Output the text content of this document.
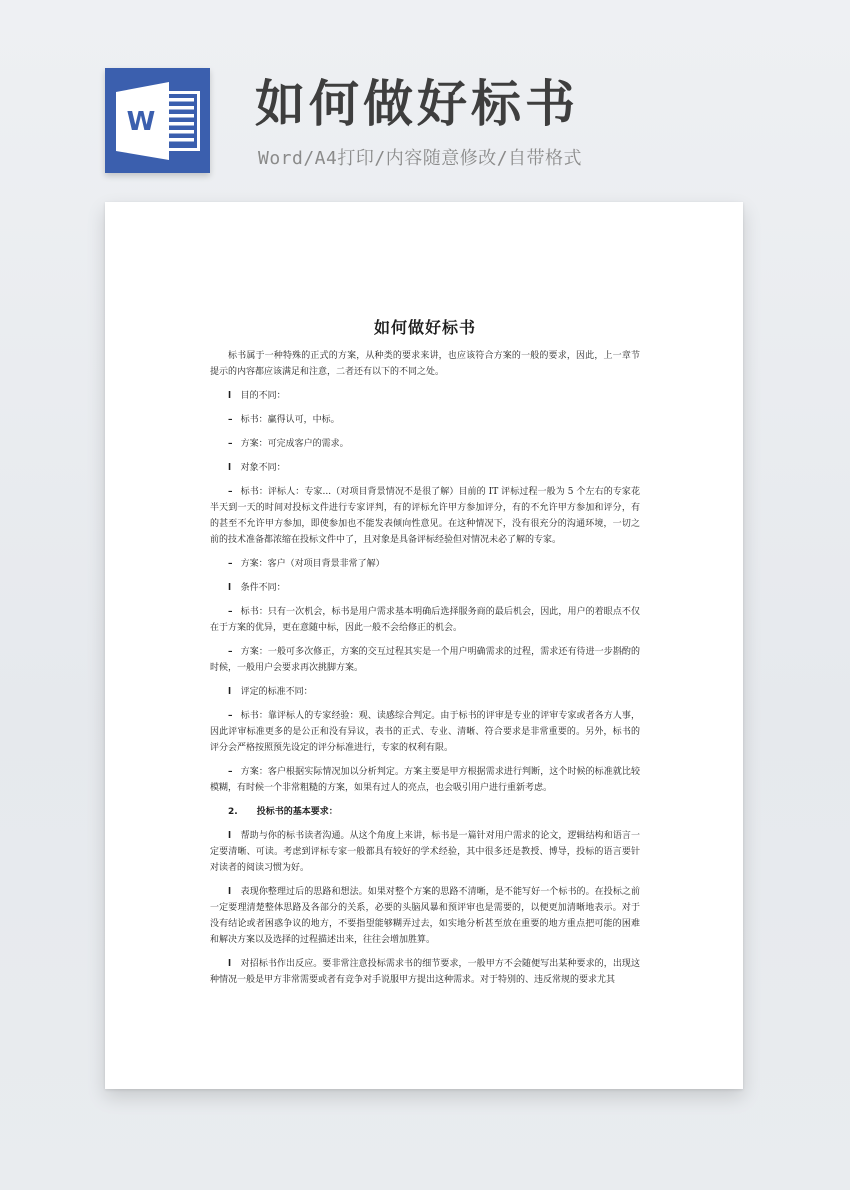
W 如何做好标书
Word/A4打印/内容随意修改/自带格式
如何做好标书

标书属于一种特殊的正式的方案，从种类的要求来讲，也应该符合方案的一般的要求，因此，上一章节提示的内容都应该满足和注意，二者还有以下的不同之处。

l 目的不同：
– 标书：赢得认可，中标。
– 方案：可完成客户的需求。
l 对象不同：

– 标书：评标人：专家...（对项目背景情况不是很了解）目前的 IT 评标过程一般为 5 个左右的专家花半天到一天的时间对投标文件进行专家评判，有的评标允许甲方参加评分，有的不允许甲方参加和评分，有的甚至不允许甲方参加，即使参加也不能发表倾向性意见。在这种情况下，没有很充分的沟通环境，一切之前的技术准备都浓缩在投标文件中了，且对象是具备评标经验但对情况未必了解的专家。

– 方案：客户（对项目背景非常了解）
l 条件不同：

– 标书：只有一次机会，标书是用户需求基本明确后选择服务商的最后机会，因此，用户的着眼点不仅在于方案的优异，更在意随中标，因此一般不会给修正的机会。

– 方案：一般可多次修正，方案的交互过程其实是一个用户明确需求的过程，需求还有待进一步斟酌的时候，一般用户会要求再次挑脚方案。

l 评定的标准不同：

– 标书：靠评标人的专家经验：观、读感综合判定。由于标书的评审是专业的评审专家或者各方人事，因此评审标准更多的是公正和没有异议，表书的正式、专业、清晰、符合要求是非常重要的。另外，标书的评分会严格按照预先设定的评分标准进行，专家的权利有限。

– 方案：客户根据实际情况加以分析判定。方案主要是甲方根据需求进行判断，这个时候的标准就比较模糊，有时候一个非常粗糙的方案，如果有过人的亮点，也会吸引用户进行重新考虑。

2. 投标书的基本要求：

l 帮助与你的标书读者沟通。从这个角度上来讲，标书是一篇针对用户需求的论文，逻辑结构和语言一定要清晰、可读。考虑到评标专家一般都具有较好的学术经验，其中很多还是教授、博导，投标的语言要针对读者的阅读习惯为好。

l 表现你整理过后的思路和想法。如果对整个方案的思路不清晰，是不能写好一个标书的。在投标之前一定要理清楚整体思路及各部分的关系，必要的头脑风暴和预评审也是需要的，以便更加清晰地表示。对于没有结论或者困惑争议的地方，不要指望能够糊弄过去，如实地分析甚至放在重要的地方重点把可能的困难和解决方案以及选择的过程描述出来，往往会增加胜算。

l 对招标书作出反应。要非常注意投标需求书的细节要求，一般甲方不会随便写出某种要求的，出现这种情况一般是甲方非常需要或者有竞争对手说服甲方提出这种需求。对于特别的、违反常规的要求尤其
